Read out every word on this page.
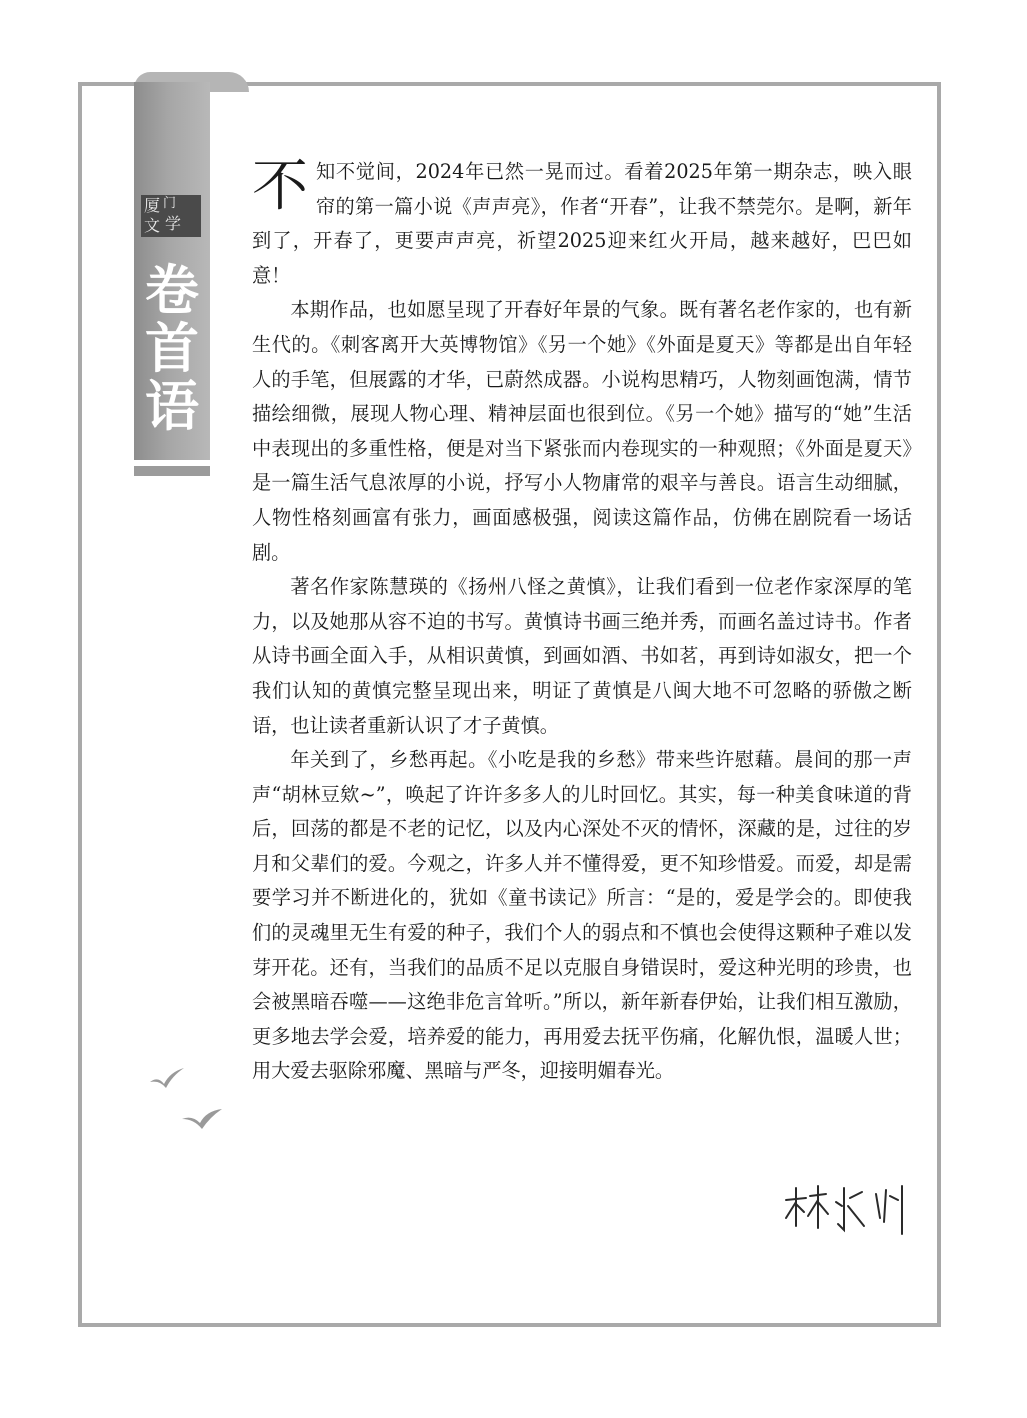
厦 门
文 学
卷
首
语

不知不觉间，2024年已然一晃而过。看着2025年第一期杂志，映入眼帘的第一篇小说《声声亮》，作者“开春”，让我不禁莞尔。是啊，新年到了，开春了，更要声声亮，祈望2025迎来红火开局，越来越好，巴巴如意！

本期作品，也如愿呈现了开春好年景的气象。既有著名老作家的，也有新生代的。《刺客离开大英博物馆》《另一个她》《外面是夏天》等都是出自年轻人的手笔，但展露的才华，已蔚然成器。小说构思精巧，人物刻画饱满，情节描绘细微，展现人物心理、精神层面也很到位。《另一个她》描写的“她”生活中表现出的多重性格，便是对当下紧张而内卷现实的一种观照；《外面是夏天》是一篇生活气息浓厚的小说，抒写小人物庸常的艰辛与善良。语言生动细腻，人物性格刻画富有张力，画面感极强，阅读这篇作品，仿佛在剧院看一场话剧。

著名作家陈慧瑛的《扬州八怪之黄慎》，让我们看到一位老作家深厚的笔力，以及她那从容不迫的书写。黄慎诗书画三绝并秀，而画名盖过诗书。作者从诗书画全面入手，从相识黄慎，到画如酒、书如茗，再到诗如淑女，把一个我们认知的黄慎完整呈现出来，明证了黄慎是八闽大地不可忽略的骄傲之断语，也让读者重新认识了才子黄慎。

年关到了，乡愁再起。《小吃是我的乡愁》带来些许慰藉。晨间的那一声声“胡林豆欸~”，唤起了许许多多人的儿时回忆。其实，每一种美食味道的背后，回荡的都是不老的记忆，以及内心深处不灭的情怀，深藏的是，过往的岁月和父辈们的爱。今观之，许多人并不懂得爱，更不知珍惜爱。而爱，却是需要学习并不断进化的，犹如《童书读记》所言：“是的，爱是学会的。即使我们的灵魂里无生有爱的种子，我们个人的弱点和不慎也会使得这颗种子难以发芽开花。还有，当我们的品质不足以克服自身错误时，爱这种光明的珍贵，也会被黑暗吞噬——这绝非危言耸听。”所以，新年新春伊始，让我们相互激励，更多地去学会爱，培养爱的能力，再用爱去抚平伤痛，化解仇恨，温暖人世；用大爱去驱除邪魔、黑暗与严冬，迎接明媚春光。
